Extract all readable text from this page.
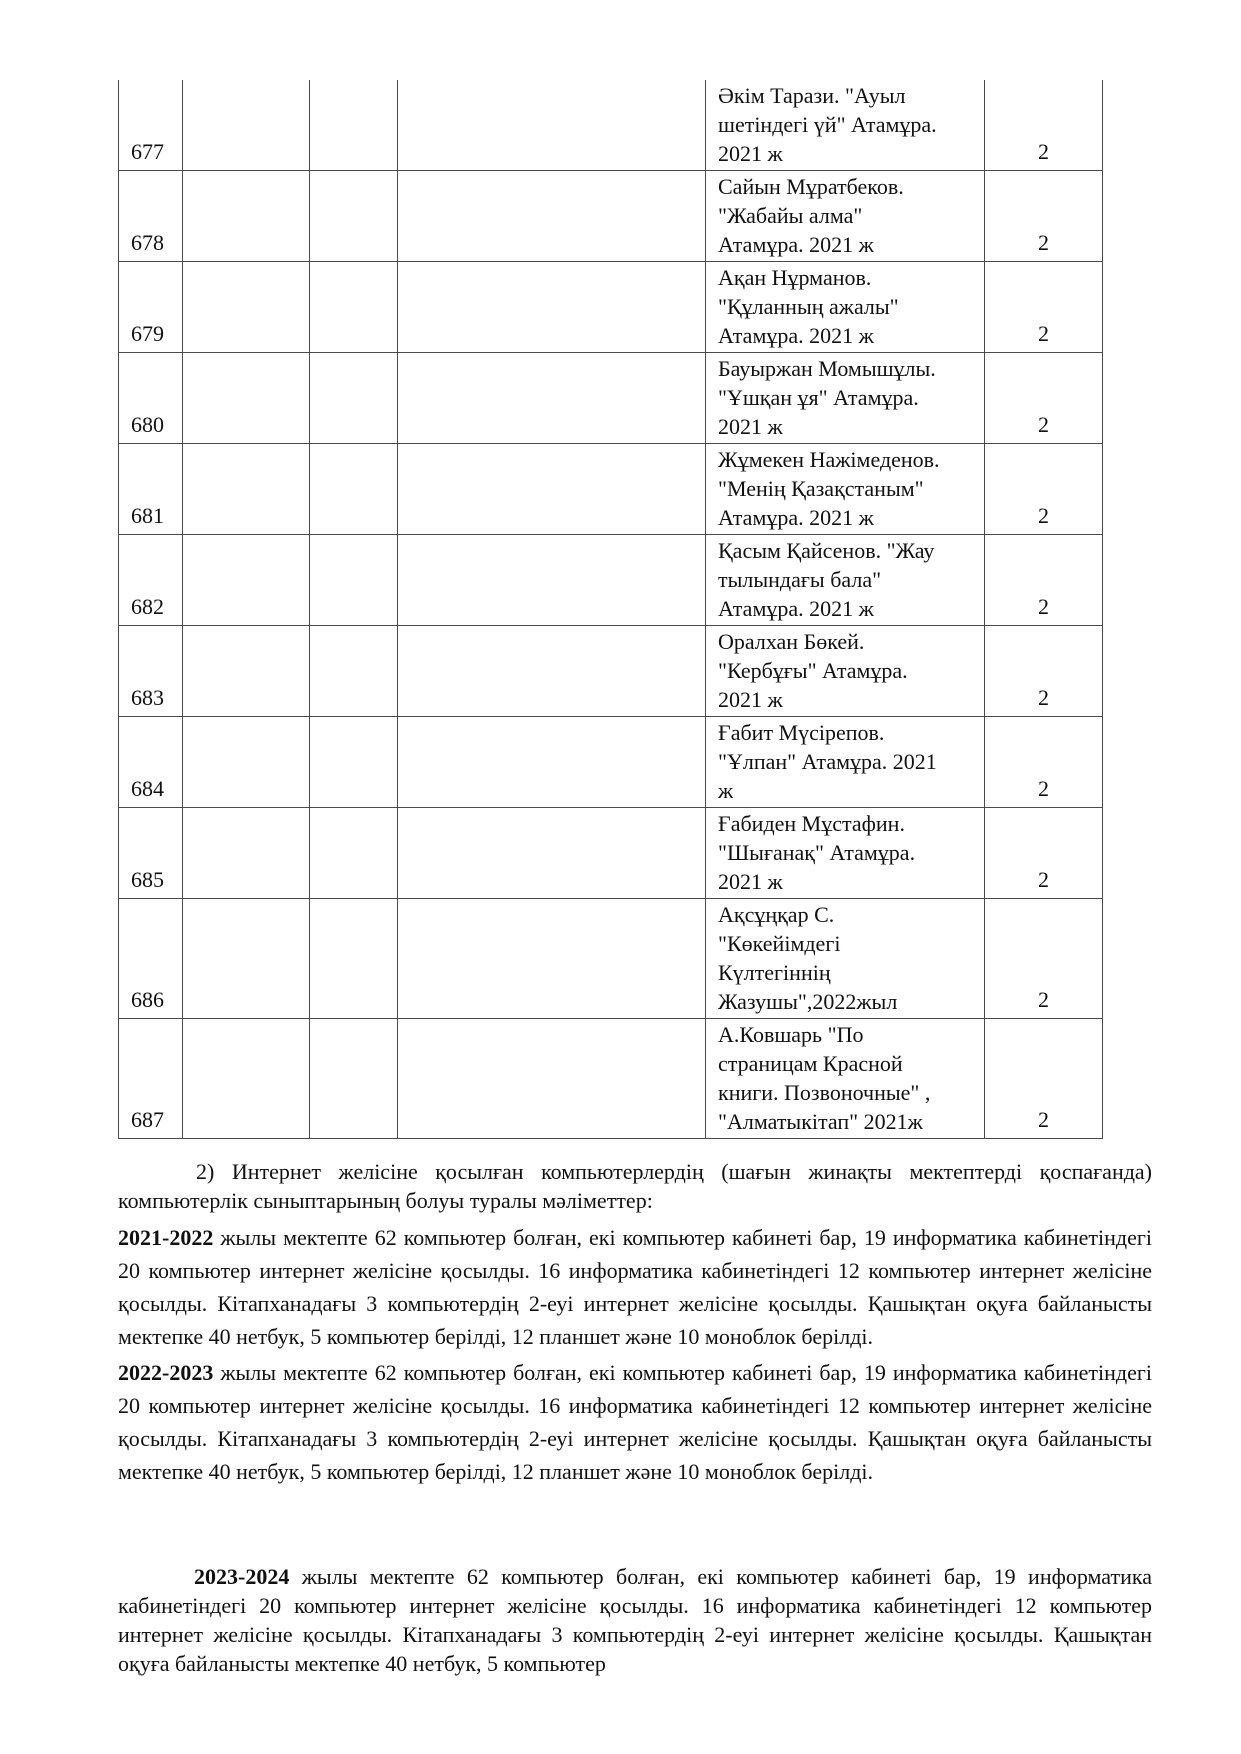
677				Әкім Тарази. "Ауыл
шетіндегі үй" Атамұра.
2021 ж	2
678				Сайын Мұратбеков.
"Жабайы алма"
Атамұра. 2021 ж	2
679				Ақан Нұрманов.
"Құланның ажалы"
Атамұра. 2021 ж	2
680				Бауыржан Момышұлы.
"Ұшқан ұя" Атамұра.
2021 ж	2
681				Жұмекен Нажімеденов.
"Менің Қазақстаным"
Атамұра. 2021 ж	2
682				Қасым Қайсенов. "Жау
тылындағы бала"
Атамұра. 2021 ж	2
683				Оралхан Бөкей.
"Кербұғы" Атамұра.
2021 ж	2
684				Ғабит Мүсірепов.
"Ұлпан" Атамұра. 2021
ж	2
685				Ғабиден Мұстафин.
"Шығанақ" Атамұра.
2021 ж	2
686				Ақсұңқар С.
"Көкейімдегі
Күлтегіннің
Жазушы",2022жыл	2
687				А.Ковшарь "По
страницам Красной
книги. Позвоночные" ,
"Алматыкітап" 2021ж	2
2) Интернет желісіне қосылған компьютерлердің (шағын жинақты мектептерді қоспағанда) компьютерлік сыныптарының болуы туралы мәліметтер:
2021-2022 жылы мектепте 62 компьютер болған, екі компьютер кабинеті бар, 19 информатика кабинетіндегі 20 компьютер интернет желісіне қосылды. 16 информатика кабинетіндегі 12 компьютер интернет желісіне қосылды. Кітапханадағы 3 компьютердің 2-еуі интернет желісіне қосылды. Қашықтан оқуға байланысты мектепке 40 нетбук, 5 компьютер берілді, 12 планшет және 10 моноблок берілді.
2022-2023 жылы мектепте 62 компьютер болған, екі компьютер кабинеті бар, 19 информатика кабинетіндегі 20 компьютер интернет желісіне қосылды. 16 информатика кабинетіндегі 12 компьютер интернет желісіне қосылды. Кітапханадағы 3 компьютердің 2-еуі интернет желісіне қосылды. Қашықтан оқуға байланысты мектепке 40 нетбук, 5 компьютер берілді, 12 планшет және 10 моноблок берілді.
2023-2024 жылы мектепте 62 компьютер болған, екі компьютер кабинеті бар, 19 информатика кабинетіндегі 20 компьютер интернет желісіне қосылды. 16 информатика кабинетіндегі 12 компьютер интернет желісіне қосылды. Кітапханадағы 3 компьютердің 2-еуі интернет желісіне қосылды. Қашықтан оқуға байланысты мектепке 40 нетбук, 5 компьютер
